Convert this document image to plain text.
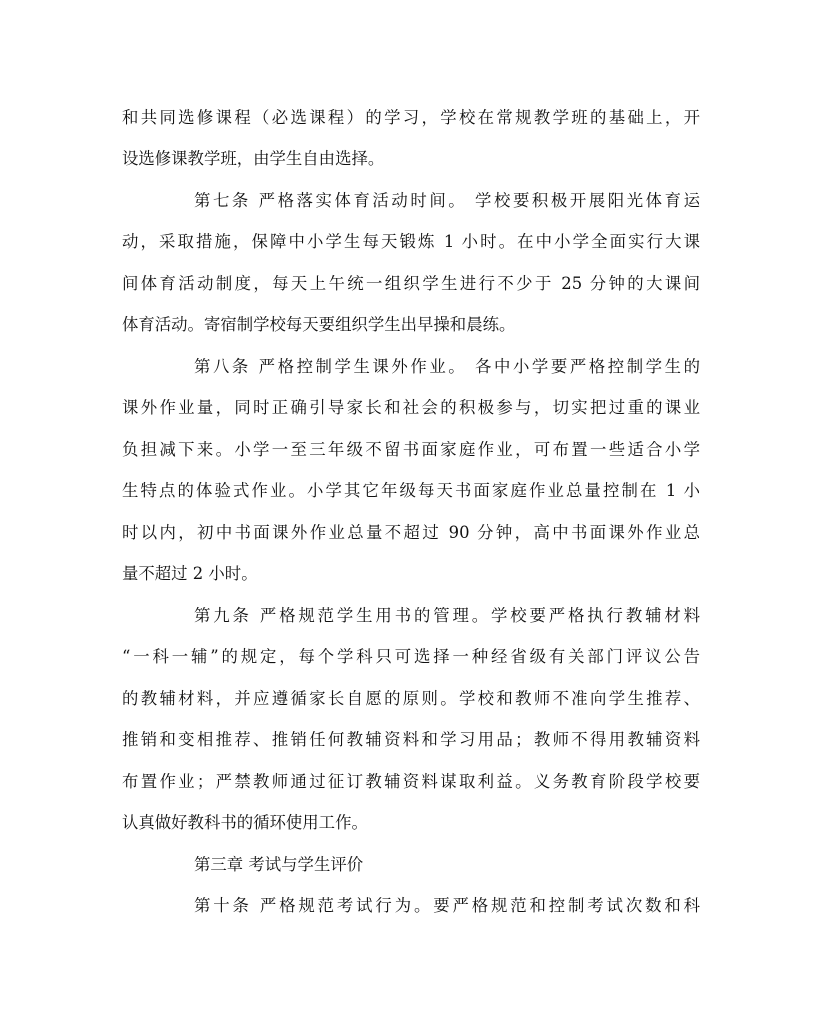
和共同选修课程（必选课程）的学习，学校在常规教学班的基础上，开
设选修课教学班，由学生自由选择。
第七条 严格落实体育活动时间。 学校要积极开展阳光体育运
动，采取措施，保障中小学生每天锻炼 1 小时。在中小学全面实行大课
间体育活动制度，每天上午统一组织学生进行不少于 25 分钟的大课间
体育活动。寄宿制学校每天要组织学生出早操和晨练。
第八条 严格控制学生课外作业。 各中小学要严格控制学生的
课外作业量，同时正确引导家长和社会的积极参与，切实把过重的课业
负担减下来。小学一至三年级不留书面家庭作业，可布置一些适合小学
生特点的体验式作业。小学其它年级每天书面家庭作业总量控制在 1 小
时以内，初中书面课外作业总量不超过 90 分钟，高中书面课外作业总
量不超过 2 小时。
第九条 严格规范学生用书的管理。学校要严格执行教辅材料
“一科一辅”的规定，每个学科只可选择一种经省级有关部门评议公告
的教辅材料，并应遵循家长自愿的原则。学校和教师不准向学生推荐、
推销和变相推荐、推销任何教辅资料和学习用品；教师不得用教辅资料
布置作业；严禁教师通过征订教辅资料谋取利益。义务教育阶段学校要
认真做好教科书的循环使用工作。
第三章 考试与学生评价
第十条 严格规范考试行为。要严格规范和控制考试次数和科
